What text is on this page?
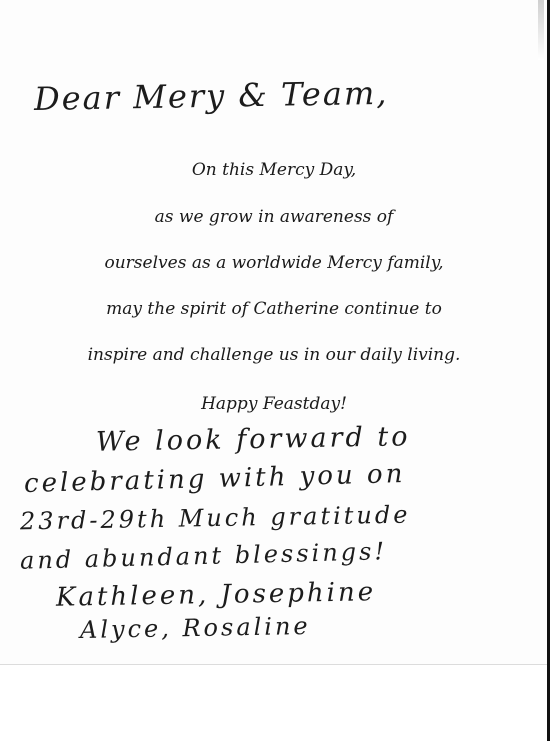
Dear Mery & Team,
On this Mercy Day,
as we grow in awareness of
ourselves as a worldwide Mercy family,
may the spirit of Catherine continue to
inspire and challenge us in our daily living.
Happy Feastday!
We look forward to
celebrating with you on
23rd-29th Much gratitude
and abundant blessings!
Kathleen, Josephine
Alyce, Rosaline
